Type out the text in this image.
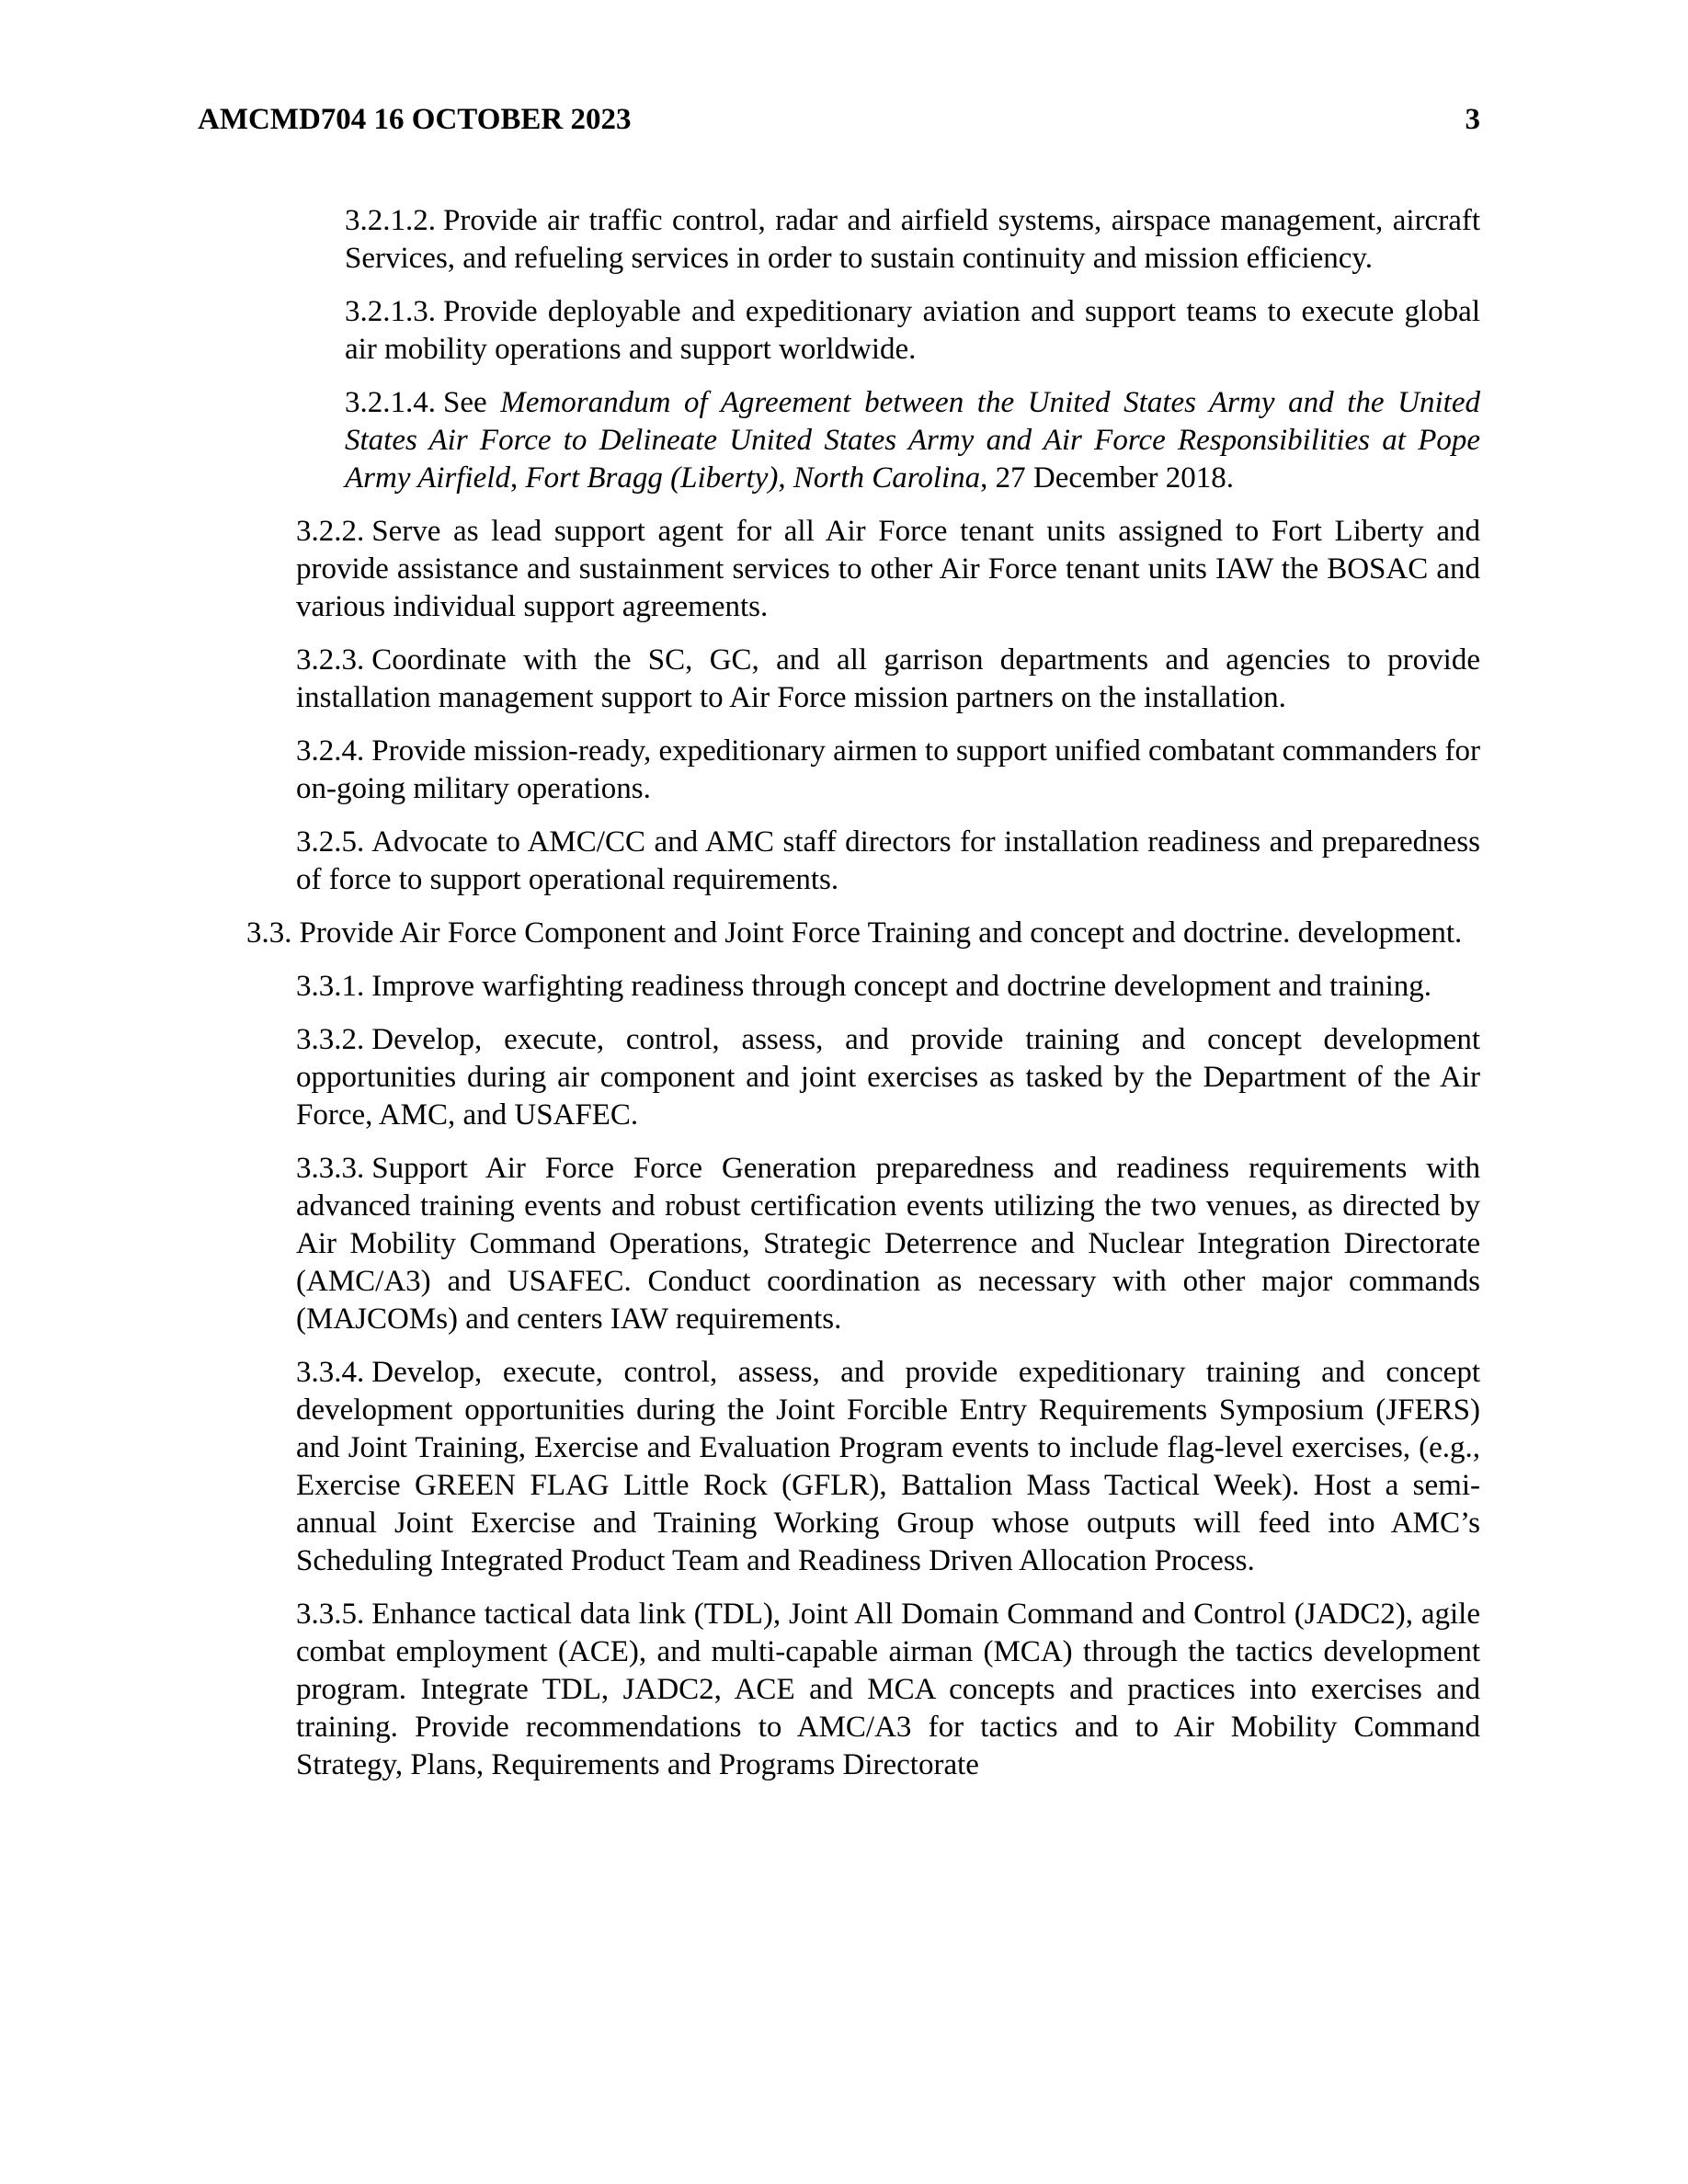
AMCMD704 16 OCTOBER 2023	3

3.2.1.2. Provide air traffic control, radar and airfield systems, airspace management, aircraft Services, and refueling services in order to sustain continuity and mission efficiency.

3.2.1.3. Provide deployable and expeditionary aviation and support teams to execute global air mobility operations and support worldwide.

3.2.1.4. See Memorandum of Agreement between the United States Army and the United States Air Force to Delineate United States Army and Air Force Responsibilities at Pope Army Airfield, Fort Bragg (Liberty), North Carolina, 27 December 2018.

3.2.2. Serve as lead support agent for all Air Force tenant units assigned to Fort Liberty and provide assistance and sustainment services to other Air Force tenant units IAW the BOSAC and various individual support agreements.

3.2.3. Coordinate with the SC, GC, and all garrison departments and agencies to provide installation management support to Air Force mission partners on the installation.

3.2.4. Provide mission-ready, expeditionary airmen to support unified combatant commanders for on-going military operations.

3.2.5. Advocate to AMC/CC and AMC staff directors for installation readiness and preparedness of force to support operational requirements.

3.3. Provide Air Force Component and Joint Force Training and concept and doctrine. development.

3.3.1. Improve warfighting readiness through concept and doctrine development and training.

3.3.2. Develop, execute, control, assess, and provide training and concept development opportunities during air component and joint exercises as tasked by the Department of the Air Force, AMC, and USAFEC.

3.3.3. Support Air Force Force Generation preparedness and readiness requirements with advanced training events and robust certification events utilizing the two venues, as directed by Air Mobility Command Operations, Strategic Deterrence and Nuclear Integration Directorate (AMC/A3) and USAFEC. Conduct coordination as necessary with other major commands (MAJCOMs) and centers IAW requirements.

3.3.4. Develop, execute, control, assess, and provide expeditionary training and concept development opportunities during the Joint Forcible Entry Requirements Symposium (JFERS) and Joint Training, Exercise and Evaluation Program events to include flag-level exercises, (e.g., Exercise GREEN FLAG Little Rock (GFLR), Battalion Mass Tactical Week). Host a semi-annual Joint Exercise and Training Working Group whose outputs will feed into AMC’s Scheduling Integrated Product Team and Readiness Driven Allocation Process.

3.3.5. Enhance tactical data link (TDL), Joint All Domain Command and Control (JADC2), agile combat employment (ACE), and multi-capable airman (MCA) through the tactics development program. Integrate TDL, JADC2, ACE and MCA concepts and practices into exercises and training. Provide recommendations to AMC/A3 for tactics and to Air Mobility Command Strategy, Plans, Requirements and Programs Directorate
